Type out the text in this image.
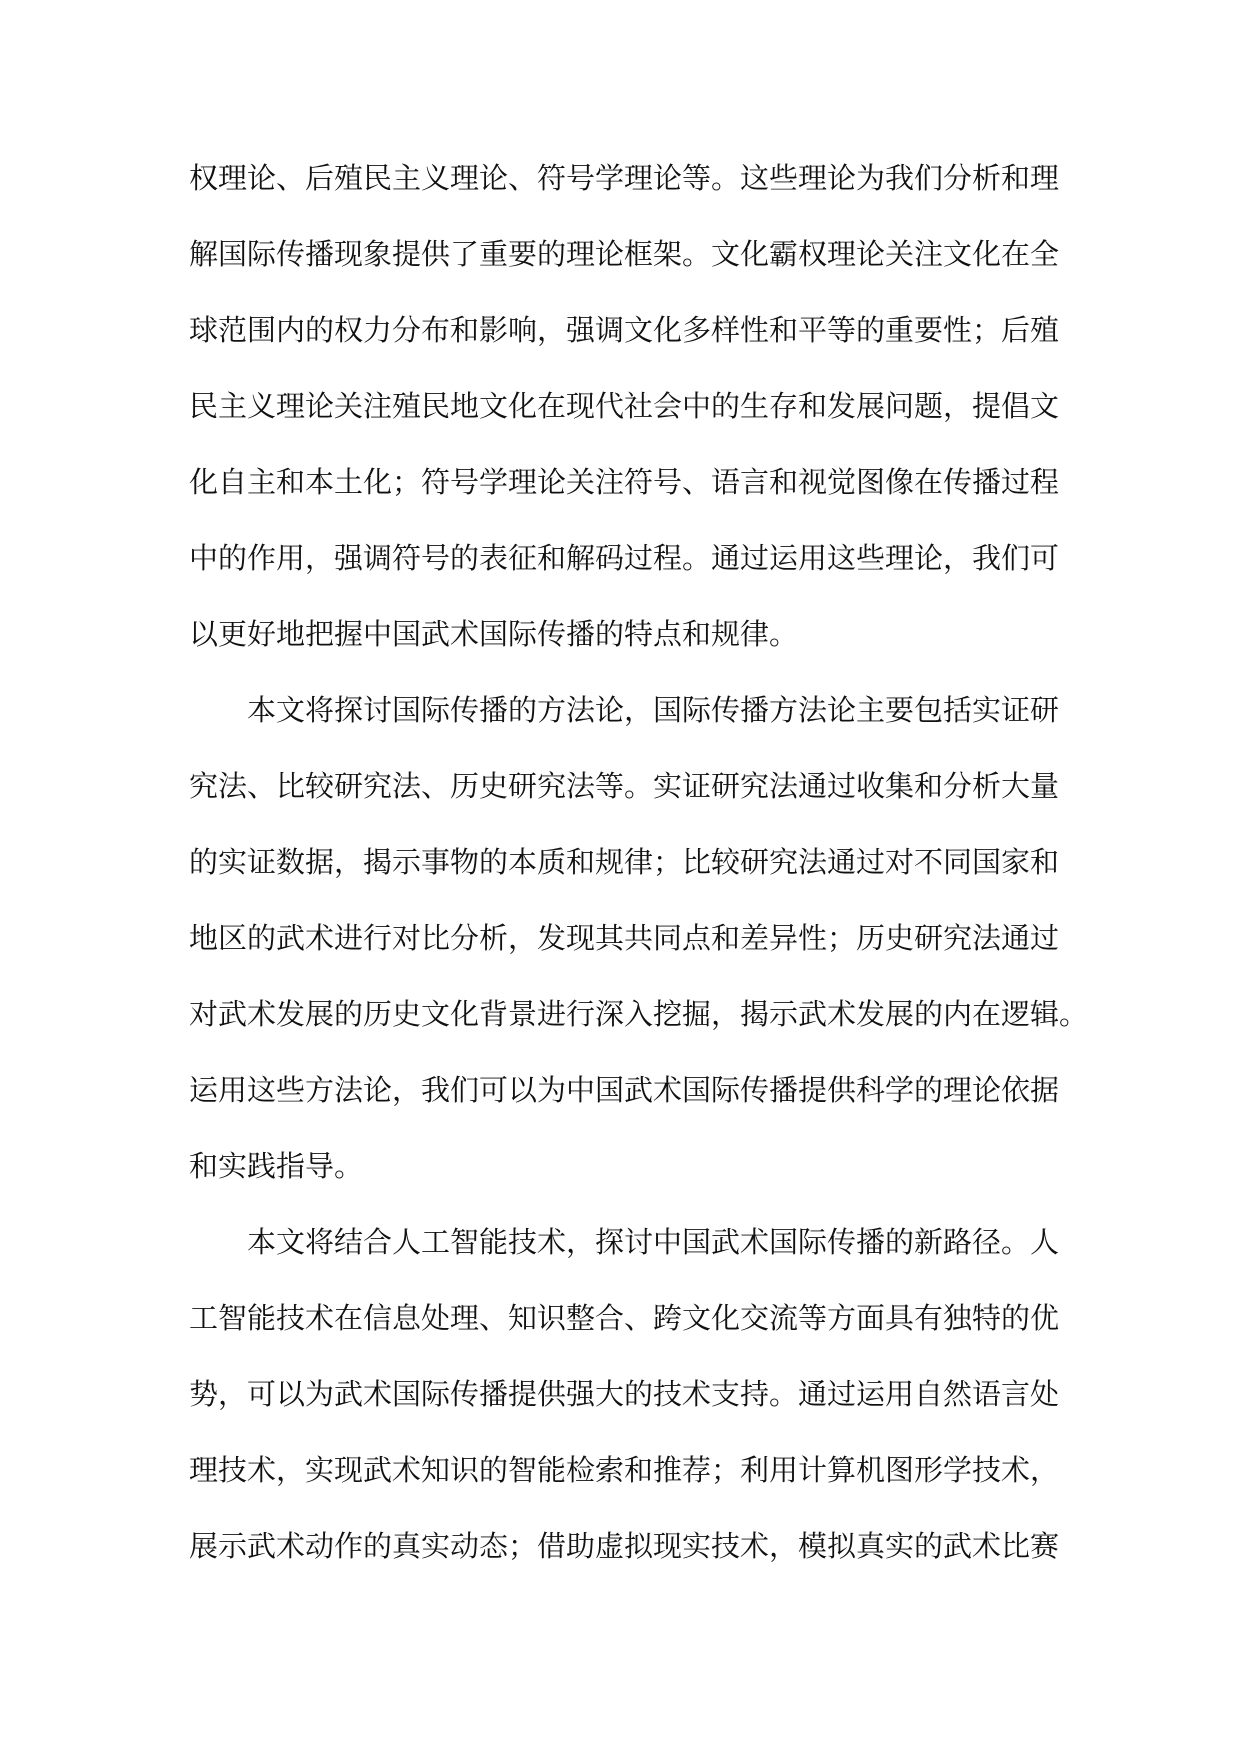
权理论、后殖民主义理论、符号学理论等。这些理论为我们分析和理
解国际传播现象提供了重要的理论框架。文化霸权理论关注文化在全
球范围内的权力分布和影响，强调文化多样性和平等的重要性；后殖
民主义理论关注殖民地文化在现代社会中的生存和发展问题，提倡文
化自主和本土化；符号学理论关注符号、语言和视觉图像在传播过程
中的作用，强调符号的表征和解码过程。通过运用这些理论，我们可
以更好地把握中国武术国际传播的特点和规律。
本文将探讨国际传播的方法论，国际传播方法论主要包括实证研
究法、比较研究法、历史研究法等。实证研究法通过收集和分析大量
的实证数据，揭示事物的本质和规律；比较研究法通过对不同国家和
地区的武术进行对比分析，发现其共同点和差异性；历史研究法通过
对武术发展的历史文化背景进行深入挖掘，揭示武术发展的内在逻辑。
运用这些方法论，我们可以为中国武术国际传播提供科学的理论依据
和实践指导。
本文将结合人工智能技术，探讨中国武术国际传播的新路径。人
工智能技术在信息处理、知识整合、跨文化交流等方面具有独特的优
势，可以为武术国际传播提供强大的技术支持。通过运用自然语言处
理技术，实现武术知识的智能检索和推荐；利用计算机图形学技术，
展示武术动作的真实动态；借助虚拟现实技术，模拟真实的武术比赛
